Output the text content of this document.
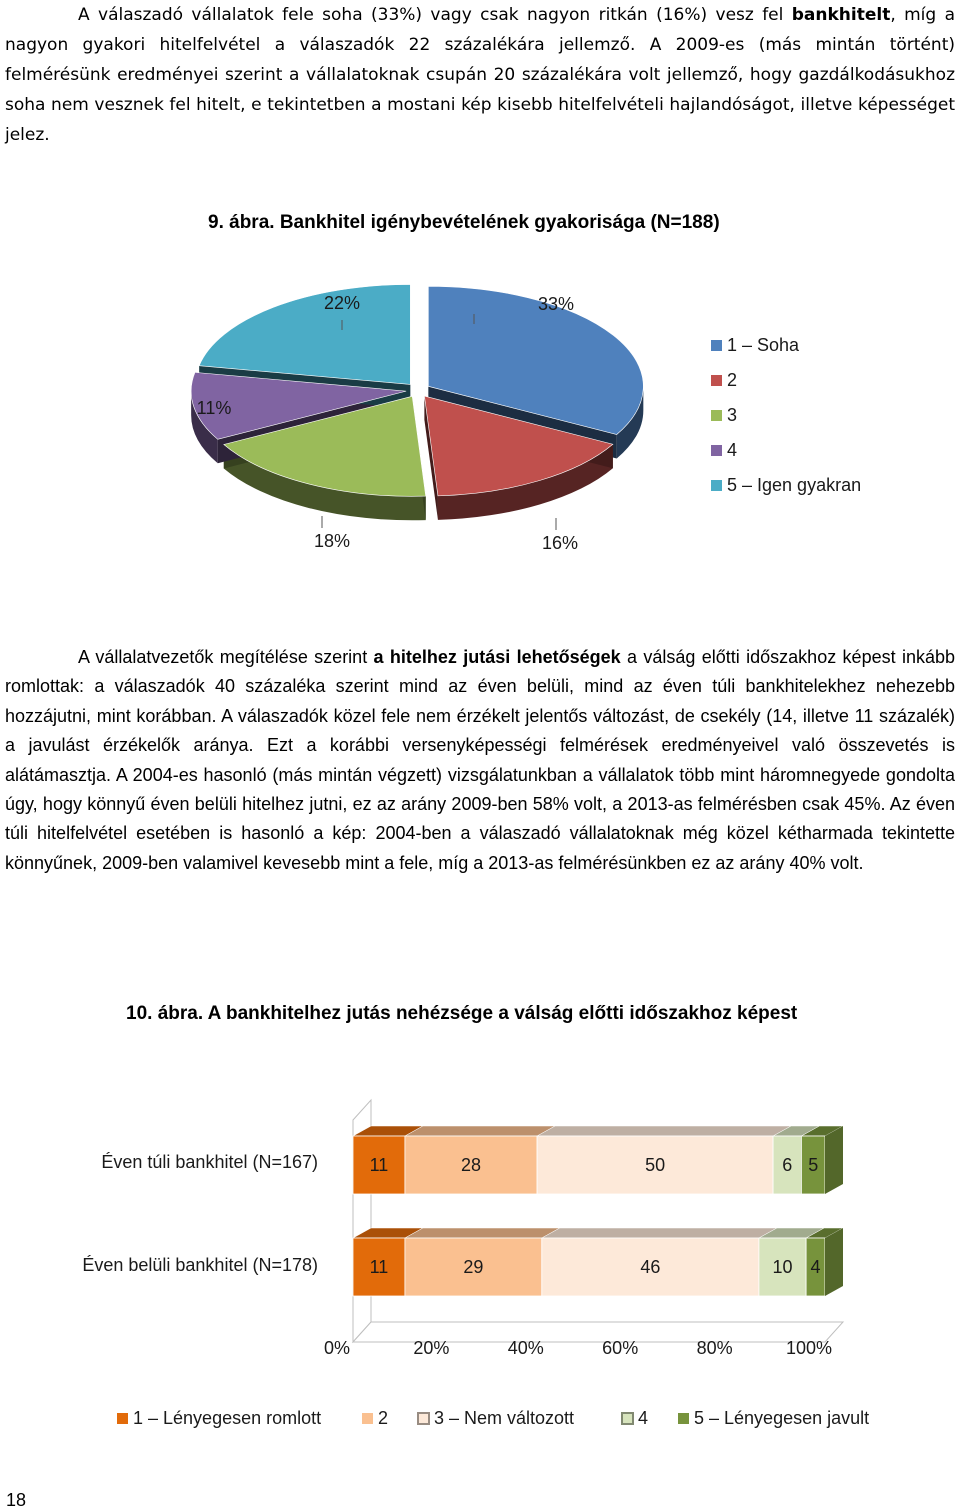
A válaszadó vállalatok fele soha (33%) vagy csak nagyon ritkán (16%) vesz fel bankhitelt, míg a nagyon gyakori hitelfelvétel a válaszadók 22 százalékára jellemző. A 2009-es (más mintán történt) felmérésünk eredményei szerint a vállalatoknak csupán 20 százalékára volt jellemző, hogy gazdálkodásukhoz soha nem vesznek fel hitelt, e tekintetben a mostani kép kisebb hitelfelvételi hajlandóságot, illetve képességet jelez.

9. ábra. Bankhitel igénybevételének gyakorisága (N=188)
33%
16%
18%
11%
22%
1 – Soha
2
3
4
5 – Igen gyakran

A vállalatvezetők megítélése szerint a hitelhez jutási lehetőségek a válság előtti időszakhoz képest inkább romlottak: a válaszadók 40 százaléka szerint mind az éven belüli, mind az éven túli bankhitelekhez nehezebb hozzájutni, mint korábban. A válaszadók közel fele nem érzékelt jelentős változást, de csekély (14, illetve 11 százalék) a javulást érzékelők aránya. Ezt a korábbi versenyképességi felmérések eredményeivel való összevetés is alátámasztja. A 2004-es hasonló (más mintán végzett) vizsgálatunkban a vállalatok több mint háromnegyede gondolta úgy, hogy könnyű éven belüli hitelhez jutni, ez az arány 2009-ben 58% volt, a 2013-as felmérésben csak 45%. Az éven túli hitelfelvétel esetében is hasonló a kép: 2004-ben a válaszadó vállalatoknak még közel kétharmada tekintette könnyűnek, 2009-ben valamivel kevesebb mint a fele, míg a 2013-as felmérésünkben ez az arány 40% volt.

10. ábra. A bankhitelhez jutás nehézsége a válság előtti időszakhoz képest
Éven túli bankhitel (N=167)	11	28	50	6 5
Éven belüli bankhitel (N=178)	11	29	46	10 4
0%	20%	40%	60%	80%	100%
1 – Lényegesen romlott	2	3 – Nem változott	4	5 – Lényegesen javult
18
